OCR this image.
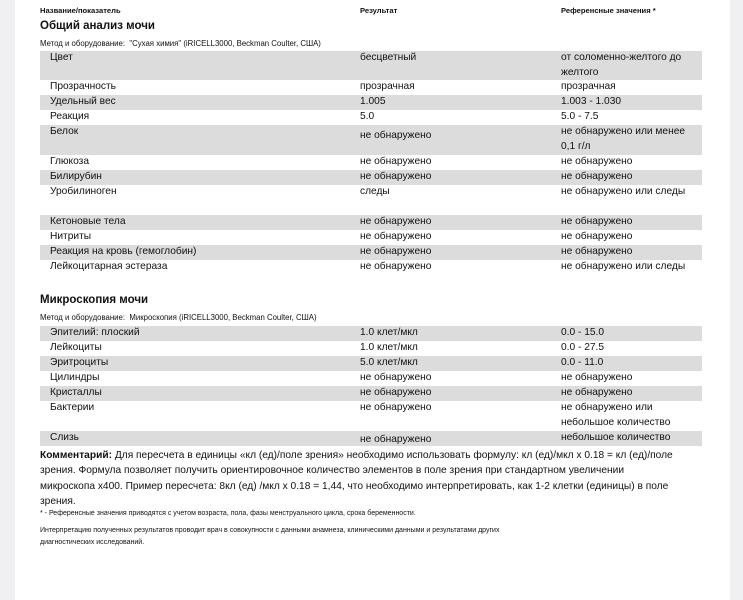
Название/показатель	Результат	Референсные значения *
Общий анализ мочи
Метод и оборудование: "Сухая химия" (iRICELL3000, Beckman Coulter, США)
Цвет	бесцветный	от соломенно-желтого до желтого
Прозрачность	прозрачная	прозрачная
Удельный вес	1.005	1.003 - 1.030
Реакция	5.0	5.0 - 7.5
Белок	не обнаружено	не обнаружено или менее 0,1 г/л
Глюкоза	не обнаружено	не обнаружено
Билирубин	не обнаружено	не обнаружено
Уробилиноген	следы	не обнаружено или следы
Кетоновые тела	не обнаружено	не обнаружено
Нитриты	не обнаружено	не обнаружено
Реакция на кровь (гемоглобин)	не обнаружено	не обнаружено
Лейкоцитарная эстераза	не обнаружено	не обнаружено или следы
Микроскопия мочи
Метод и оборудование: Микроскопия (iRICELL3000, Beckman Coulter, США)
Эпителий: плоский	1.0 клет/мкл	0.0 - 15.0
Лейкоциты	1.0 клет/мкл	0.0 - 27.5
Эритроциты	5.0 клет/мкл	0.0 - 11.0
Цилиндры	не обнаружено	не обнаружено
Кристаллы	не обнаружено	не обнаружено
Бактерии	не обнаружено	не обнаружено или небольшое количество
Слизь	не обнаружено	небольшое количество
Комментарий: Для пересчета в единицы «кл (ед)/поле зрения» необходимо использовать формулу: кл (ед)/мкл х 0.18 = кл (ед)/поле зрения. Формула позволяет получить ориентировочное количество элементов в поле зрения при стандартном увеличении микроскопа х400. Пример пересчета: 8кл (ед) /мкл х 0.18 = 1,44, что необходимо интерпретировать, как 1-2 клетки (единицы) в поле зрения.
* - Референсные значения приводятся с учетом возраста, пола, фазы менструального цикла, срока беременности.
Интерпретацию полученных результатов проводит врач в совокупности с данными анамнеза, клиническими данными и результатами других диагностических исследований.
